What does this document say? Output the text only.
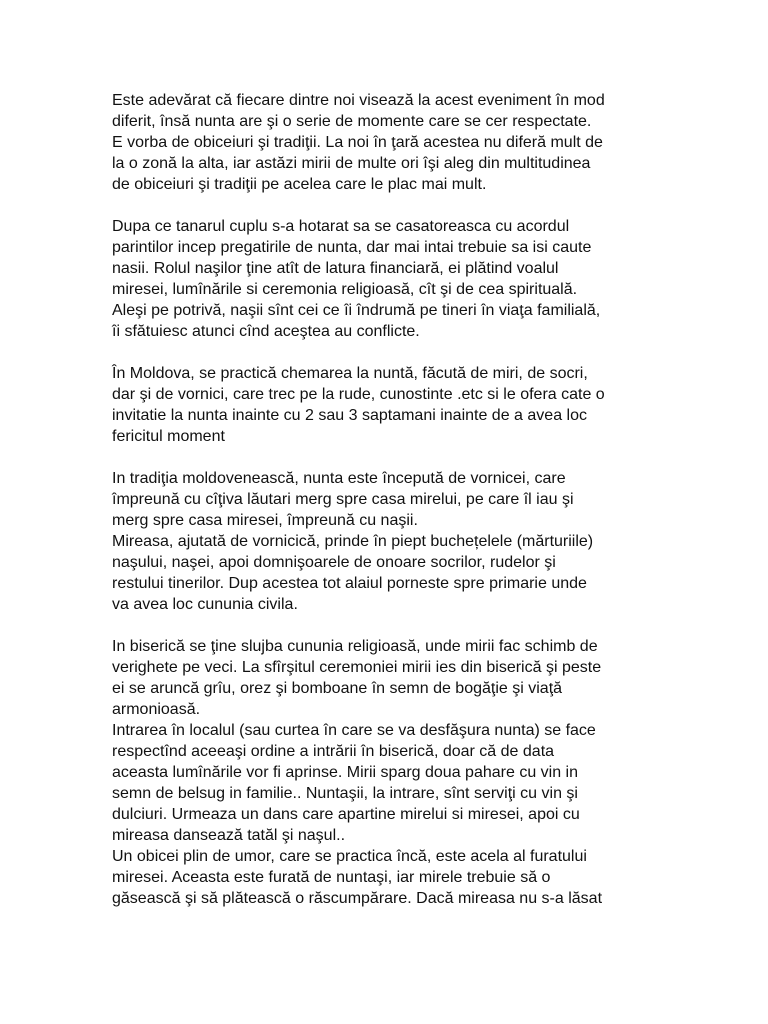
Este adevărat că fiecare dintre noi visează la acest eveniment în mod
diferit, însă nunta are şi o serie de momente care se cer respectate.
E vorba de obiceiuri şi tradiţii. La noi în ţară acestea nu diferă mult de
la o zonă la alta, iar astăzi mirii de multe ori îşi aleg din multitudinea
de obiceiuri şi tradiţii pe acelea care le plac mai mult.
Dupa ce tanarul cuplu s-a hotarat sa se casatoreasca cu acordul
parintilor incep pregatirile de nunta, dar mai intai trebuie sa isi caute
nasii. Rolul naşilor ţine atît de latura financiară, ei plătind voalul
miresei, lumînările si ceremonia religioasă, cît şi de cea spirituală.
Aleşi pe potrivă, naşii sînt cei ce îi îndrumă pe tineri în viaţa familială,
îi sfătuiesc atunci cînd aceştea au conflicte.
În Moldova, se practică chemarea la nuntă, făcută de miri, de socri,
dar şi de vornici, care trec pe la rude, cunostinte .etc si le ofera cate o
invitatie la nunta inainte cu 2 sau 3 saptamani inainte de a avea loc
fericitul moment
In tradiţia moldovenească, nunta este începută de vornicei, care
împreună cu cîţiva lăutari merg spre casa mirelui, pe care îl iau şi
merg spre casa miresei, împreună cu naşii.
Mireasa, ajutată de vornicică, prinde în piept buchețelele (mărturiile)
naşului, naşei, apoi domnişoarele de onoare socrilor, rudelor şi
restului tinerilor. Dup acestea tot alaiul porneste spre primarie unde
va avea loc cununia civila.
In biserică se ţine slujba cununia religioasă, unde mirii fac schimb de
verighete pe veci. La sfîrşitul ceremoniei mirii ies din biserică şi peste
ei se aruncă grîu, orez şi bomboane în semn de bogăţie şi viaţă
armonioasă.
Intrarea în localul (sau curtea în care se va desfăşura nunta) se face
respectînd aceeaşi ordine a intrării în biserică, doar că de data
aceasta lumînările vor fi aprinse. Mirii sparg doua pahare cu vin in
semn de belsug in familie.. Nuntaşii, la intrare, sînt serviţi cu vin şi
dulciuri. Urmeaza un dans care apartine mirelui si miresei, apoi cu
mireasa dansează tatăl şi naşul..
Un obicei plin de umor, care se practica încă, este acela al furatului
miresei. Aceasta este furată de nuntaşi, iar mirele trebuie să o
găsească şi să plătească o răscumpărare. Dacă mireasa nu s-a lăsat
